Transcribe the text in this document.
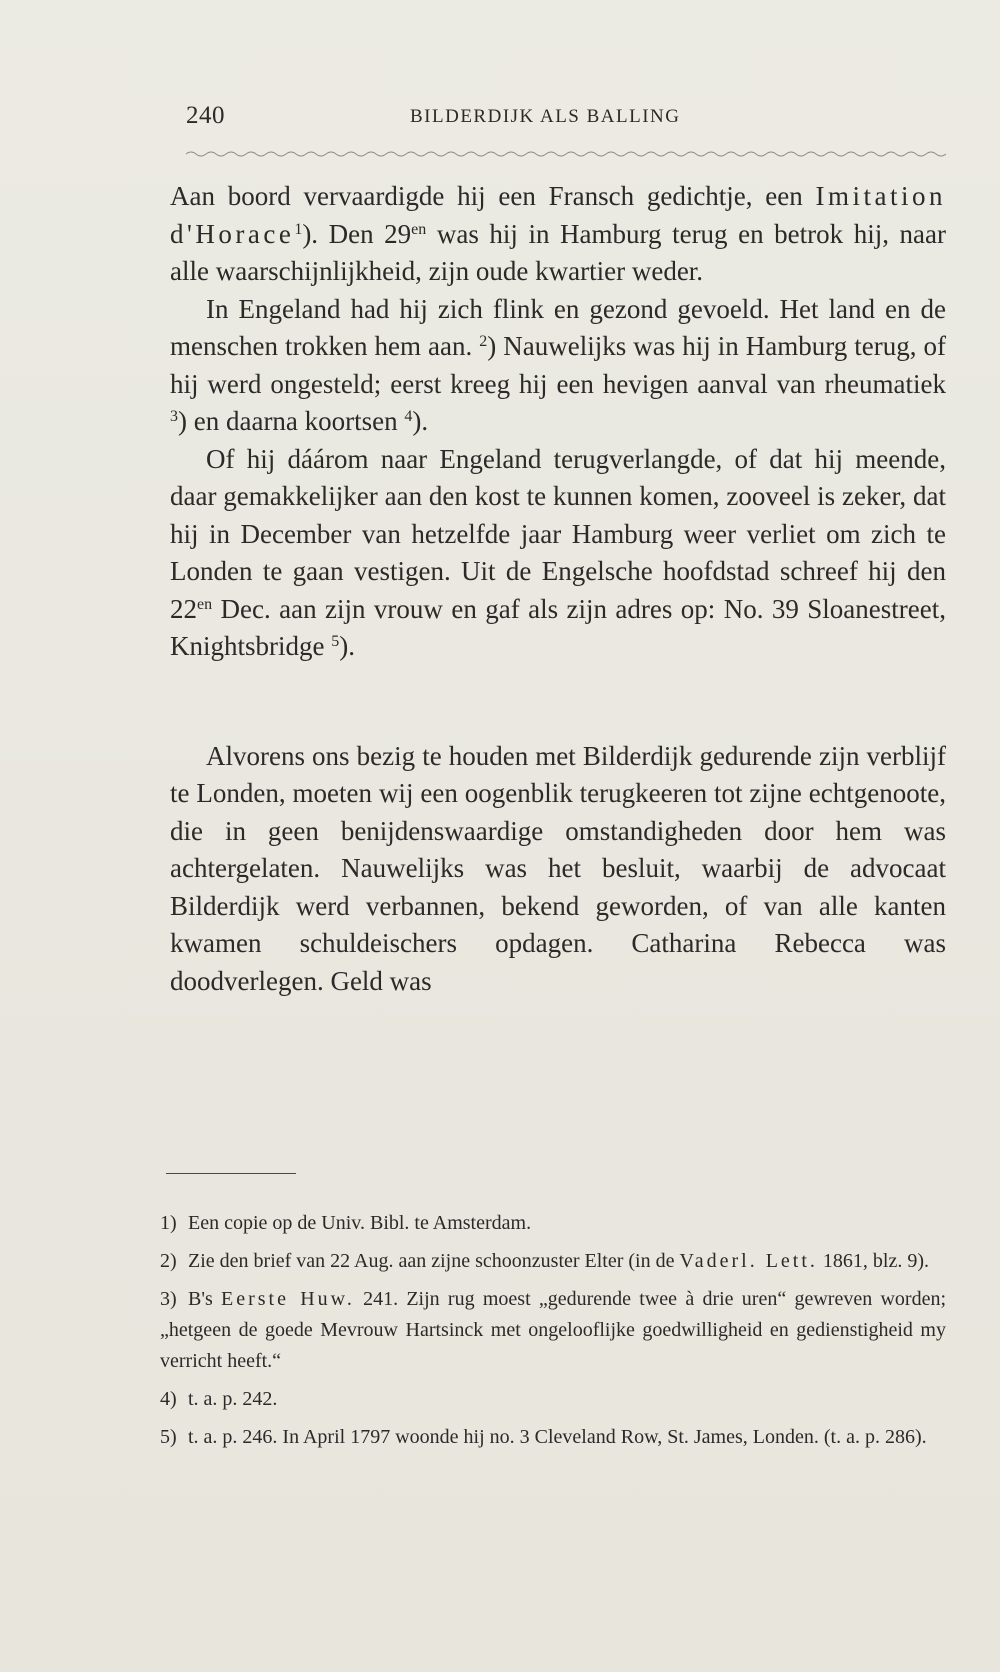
240	BILDERDIJK ALS BALLING

Aan boord vervaardigde hij een Fransch gedichtje, een Imitation d'Horace$^1$). Den $29^{en}$ was hij in Hamburg terug en betrok hij, naar alle waarschijnlijkheid, zijn oude kwartier weder.

In Engeland had hij zich flink en gezond gevoeld. Het land en de menschen trokken hem aan. $^2$) Nauwelijks was hij in Hamburg terug, of hij werd ongesteld; eerst kreeg hij een hevigen aanval van rheumatiek $^3$) en daarna koortsen $^4$).

Of hij dáárom naar Engeland terugverlangde, of dat hij meende, daar gemakkelijker aan den kost te kunnen komen, zooveel is zeker, dat hij in December van hetzelfde jaar Hamburg weer verliet om zich te Londen te gaan vestigen. Uit de Engelsche hoofdstad schreef hij den $22^{en}$ Dec. aan zijn vrouw en gaf als zijn adres op: No. 39 Sloanestreet, Knightsbridge $^5$).

Alvorens ons bezig te houden met Bilderdijk gedurende zijn verblijf te Londen, moeten wij een oogenblik terugkeeren tot zijne echtgenoote, die in geen benijdenswaardige omstandigheden door hem was achtergelaten. Nauwelijks was het besluit, waarbij de advocaat Bilderdijk werd verbannen, bekend geworden, of van alle kanten kwamen schuldeischers opdagen. Catharina Rebecca was doodverlegen. Geld was

1) Een copie op de Univ. Bibl. te Amsterdam.

2) Zie den brief van 22 Aug. aan zijne schoonzuster Elter (in de Vaderl. Lett. 1861, blz. 9).

3) B's Eerste Huw. 241. Zijn rug moest „gedurende twee à drie uren“ gewreven worden; „hetgeen de goede Mevrouw Hartsinck met ongelooflijke goedwilligheid en gedienstigheid my verricht heeft.“

4) t. a. p. 242.

5) t. a. p. 246. In April 1797 woonde hij no. 3 Cleveland Row, St. James, Londen. (t. a. p. 286).
